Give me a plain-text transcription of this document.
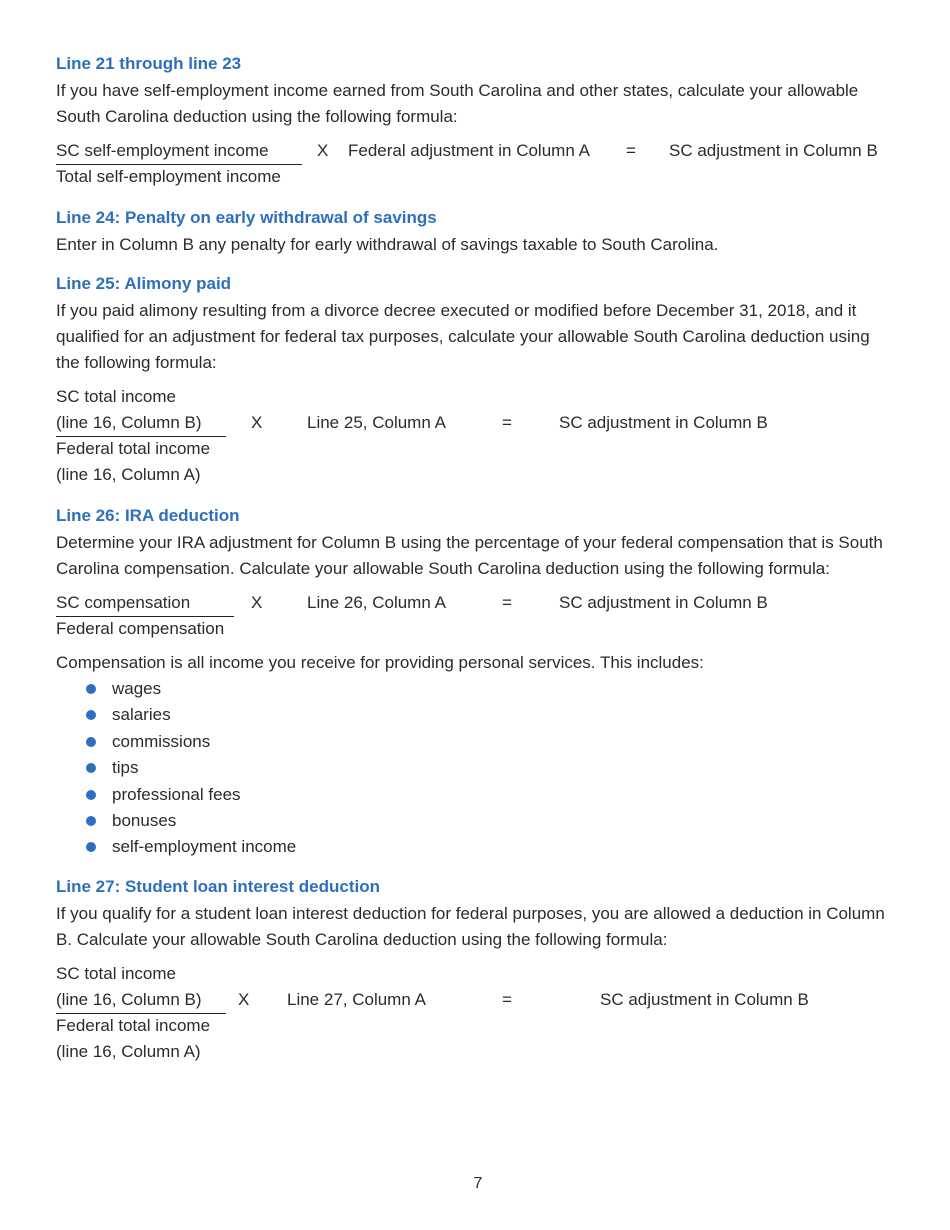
Line 21 through line 23

If you have self-employment income earned from South Carolina and other states, calculate your allowable South Carolina deduction using the following formula:

SC self-employment income
Total self-employment income
X Federal adjustment in Column A = SC adjustment in Column B
Line 24: Penalty on early withdrawal of savings

Enter in Column B any penalty for early withdrawal of savings taxable to South Carolina.

Line 25: Alimony paid

If you paid alimony resulting from a divorce decree executed or modified before December 31, 2018, and it qualified for an adjustment for federal tax purposes, calculate your allowable South Carolina deduction using the following formula:

SC total income
(line 16, Column B)
Federal total income
(line 16, Column A)
X	Line 25, Column A	=	SC adjustment in Column B
Line 26: IRA deduction

Determine your IRA adjustment for Column B using the percentage of your federal compensation that is South Carolina compensation. Calculate your allowable South Carolina deduction using the following formula:

SC compensation
Federal compensation
X	Line 26, Column A	=	SC adjustment in Column B

Compensation is all income you receive for providing personal services. This includes:

wages
salaries
commissions
tips
professional fees
bonuses
self-employment income
Line 27: Student loan interest deduction

If you qualify for a student loan interest deduction for federal purposes, you are allowed a deduction in Column B. Calculate your allowable South Carolina deduction using the following formula:

SC total income
(line 16, Column B)
Federal total income
(line 16, Column A)
X Line 27, Column A	=	SC adjustment in Column B
7
